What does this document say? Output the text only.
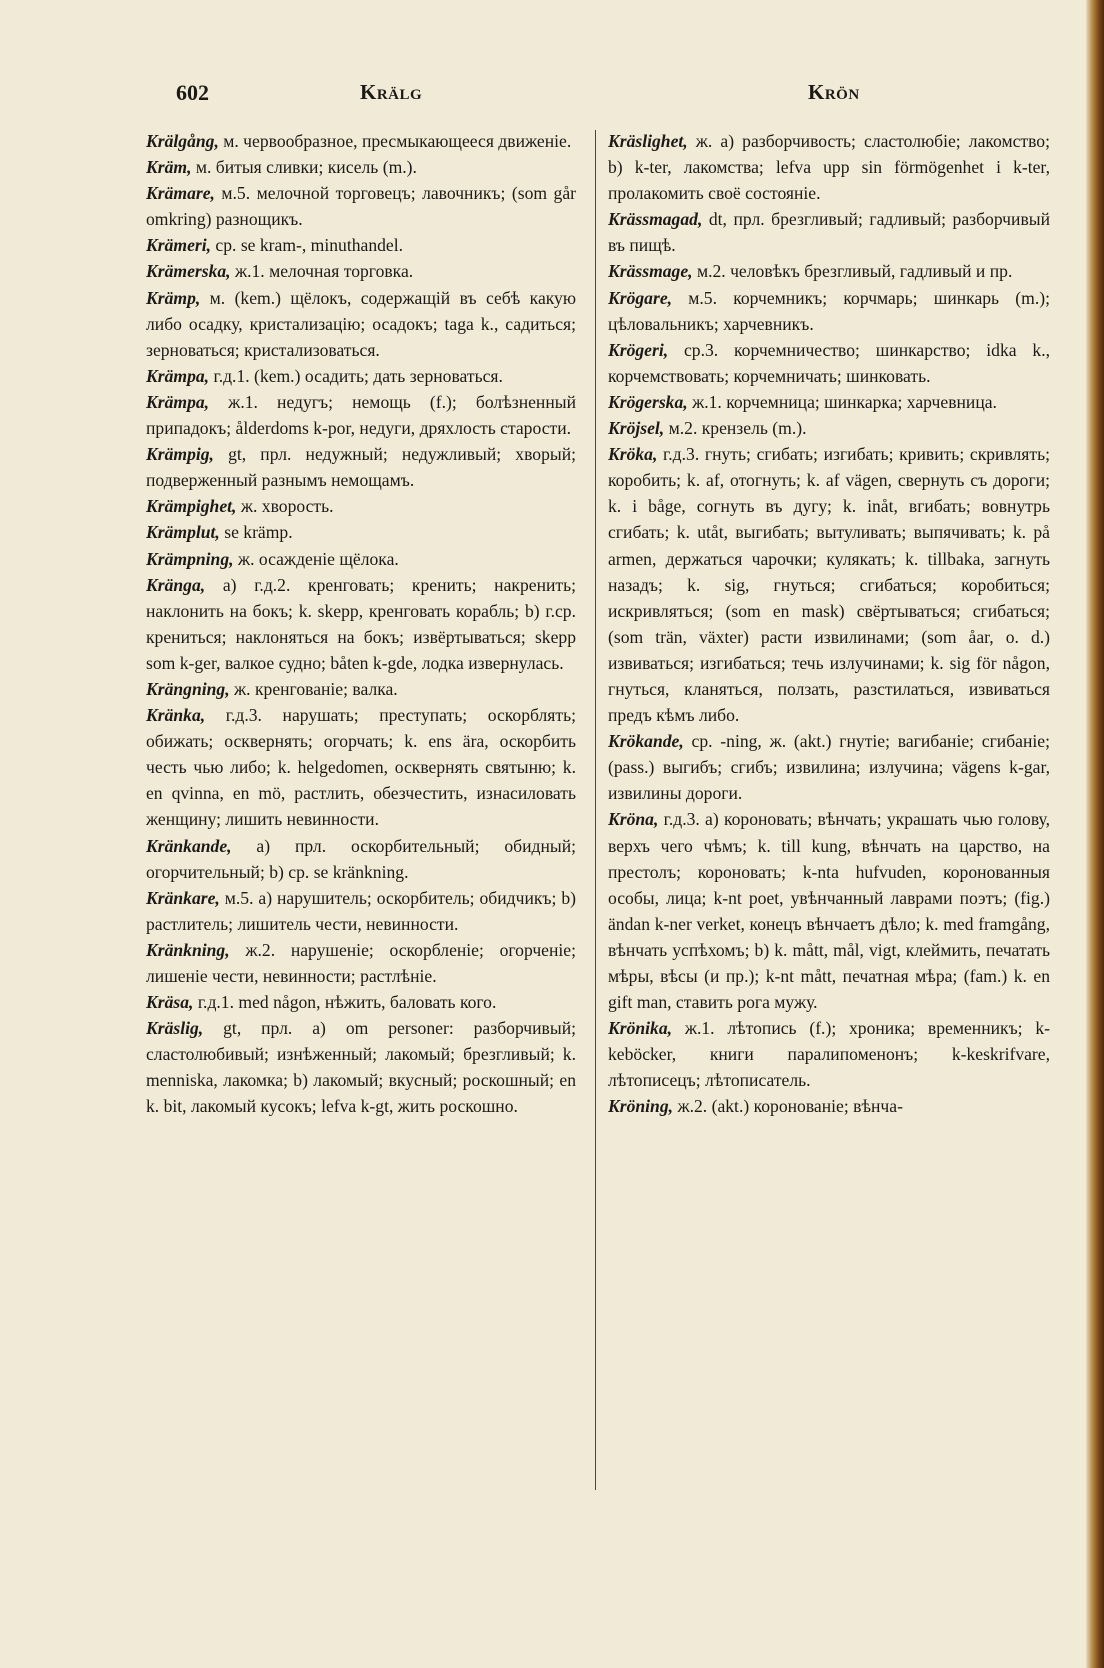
602	Krälg	Krön

Krälgång, м. червообразное, пресмыкающееся движеніе.

Kräm, м. битыя сливки; кисель (m.).

Krämare, м.5. мелочной торговецъ; лавочникъ; (som går omkring) разнощикъ.

Krämeri, ср. se kram-, minuthandel.

Krämerska, ж.1. мелочная торговка.

Krämp, м. (kem.) щёлокъ, содержащій въ себѣ какую либо осадку, кристализацію; осадокъ; taga k., садиться; зерноваться; кристализоваться.

Krämpa, г.д.1. (kem.) осадить; дать зерноваться.

Krämpa, ж.1. недугъ; немощь (f.); болѣзненный припадокъ; ålderdoms k-por, недуги, дряхлость старости.

Krämpig, gt, прл. недужный; недужливый; хворый; подверженный разнымъ немощамъ.

Krämpighet, ж. хворость.

Krämplut, se krämp.

Krämpning, ж. осажденіе щёлока.

Kränga, a) г.д.2. кренговать; кренить; накренить; наклонить на бокъ; k. skepp, кренговать корабль; b) г.ср. крениться; наклоняться на бокъ; извёртываться; skepp som k-ger, валкое судно; båten k-gde, лодка извернулась.

Krängning, ж. кренгованіе; валка.

Kränka, г.д.3. нарушать; преступать; оскорблять; обижать; осквернять; огорчать; k. ens ära, оскорбить честь чью либо; k. helgedomen, осквернять святыню; k. en qvinna, en mö, растлить, обезчестить, изнасиловать женщину; лишить невинности.

Kränkande, a) прл. оскорбительный; обидный; огорчительный; b) ср. se kränkning.

Kränkare, м.5. a) нарушитель; оскорбитель; обидчикъ; b) растлитель; лишитель чести, невинности.

Kränkning, ж.2. нарушеніе; оскорбленіе; огорченіе; лишеніе чести, невинности; растлѣніе.

Kräsa, г.д.1. med någon, нѣжить, баловать кого.

Kräslig, gt, прл. a) om personer: разборчивый; сластолюбивый; изнѣженный; лакомый; брезгливый; k. menniska, лакомка; b) лакомый; вкусный; роскошный; en k. bit, лакомый кусокъ; lefva k-gt, жить роскошно.

Kräslighet, ж. a) разборчивость; сластолюбіе; лакомство; b) k-ter, лакомства; lefva upp sin förmögenhet i k-ter, пролакомить своё состояніе.

Krässmagad, dt, прл. брезгливый; гадливый; разборчивый въ пищѣ.

Krässmage, м.2. человѣкъ брезгливый, гадливый и пр.

Krögare, м.5. корчемникъ; корчмарь; шинкарь (m.); цѣловальникъ; харчевникъ.

Krögeri, ср.3. корчемничество; шинкарство; idka k., корчемствовать; корчемничать; шинковать.

Krögerska, ж.1. корчемница; шинкарка; харчевница.

Kröjsel, м.2. крензель (m.).

Kröka, г.д.3. гнуть; сгибать; изгибать; кривить; скривлять; коробить; k. af, отогнуть; k. af vägen, свернуть съ дороги; k. i båge, согнуть въ дугу; k. inåt, вгибать; вовнутрь сгибать; k. utåt, выгибать; вытуливать; выпячивать; k. på armen, держаться чарочки; кулякать; k. tillbaka, загнуть назадъ; k. sig, гнуться; сгибаться; коробиться; искривляться; (som en mask) свёртываться; сгибаться; (som trän, växter) расти извилинами; (som åar, o. d.) извиваться; изгибаться; течь излучинами; k. sig för någon, гнуться, кланяться, ползать, разстилаться, извиваться предъ кѣмъ либо.

Krökande, ср. -ning, ж. (akt.) гнутіе; вагибаніе; сгибаніе; (pass.) выгибъ; сгибъ; извилина; излучина; vägens k-gar, извилины дороги.

Kröna, г.д.3. a) короновать; вѣнчать; украшать чью голову, верхъ чего чѣмъ; k. till kung, вѣнчать на царство, на престолъ; короновать; k-nta hufvuden, коронованныя особы, лица; k-nt poet, увѣнчанный лаврами поэтъ; (fig.) ändan k-ner verket, конецъ вѣнчаетъ дѣло; k. med framgång, вѣнчать успѣхомъ; b) k. mått, mål, vigt, клеймить, печатать мѣры, вѣсы (и пр.); k-nt mått, печатная мѣра; (fam.) k. en gift man, ставить рога мужу.

Krönika, ж.1. лѣтопись (f.); хроника; временникъ; k-keböcker, книги паралипоменонъ; k-keskrifvare, лѣтописецъ; лѣтописатель.

Kröning, ж.2. (akt.) коронованіе; вѣнча-
